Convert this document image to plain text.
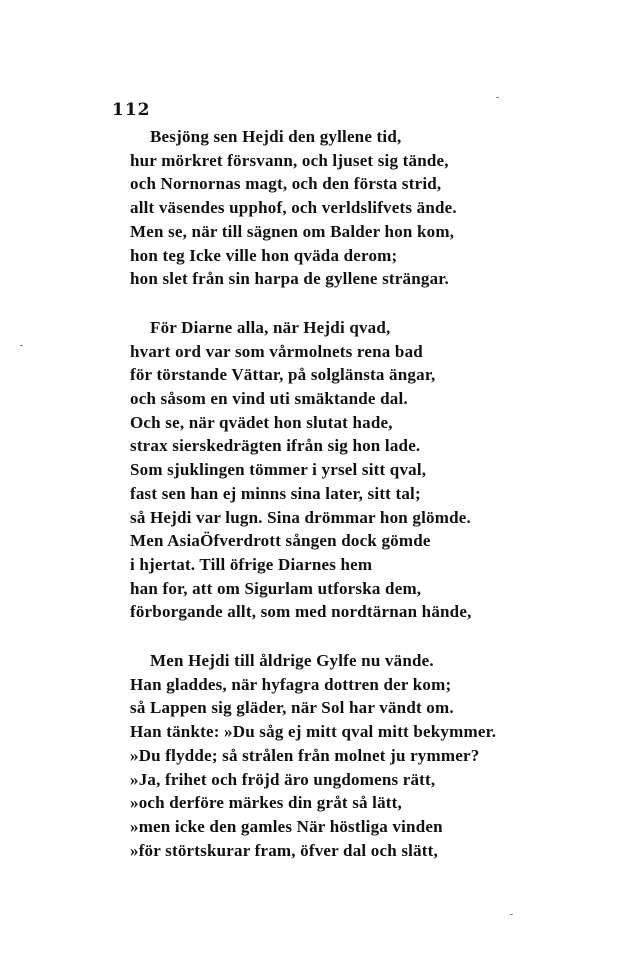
112
Besjöng sen Hejdi den gyllene tid,
hur mörkret försvann, och ljuset sig tände,
och Nornornas magt, och den första strid,
allt väsendes upphof, och verldslifvets ände.
Men se, när till sägnen om Balder hon kom,
hon teg Icke ville hon qväda derom;
hon slet från sin harpa de gyllene strängar.
För Diarne alla, när Hejdi qvad,
hvart ord var som vårmolnets rena bad
för törstande Vättar, på solglänsta ängar,
och såsom en vind uti smäktande dal.
Och se, när qvädet hon slutat hade,
strax sierskedrägten ifrån sig hon lade.
Som sjuklingen tömmer i yrsel sitt qval,
fast sen han ej minns sina later, sitt tal;
så Hejdi var lugn. Sina drömmar hon glömde.
Men AsiaÖfverdrott sången dock gömde
i hjertat. Till öfrige Diarnes hem
han for, att om Sigurlam utforska dem,
förborgande allt, som med nordtärnan hände,
Men Hejdi till åldrige Gylfe nu vände.
Han gladdes, när hyfagra dottren der kom;
så Lappen sig gläder, när Sol har vändt om.
Han tänkte: »Du såg ej mitt qval mitt bekymmer.
»Du flydde; så strålen från molnet ju rymmer?
»Ja, frihet och fröjd äro ungdomens rätt,
»och derföre märkes din gråt så lätt,
»men icke den gamles När höstliga vinden
»för störtskurar fram, öfver dal och slätt,
